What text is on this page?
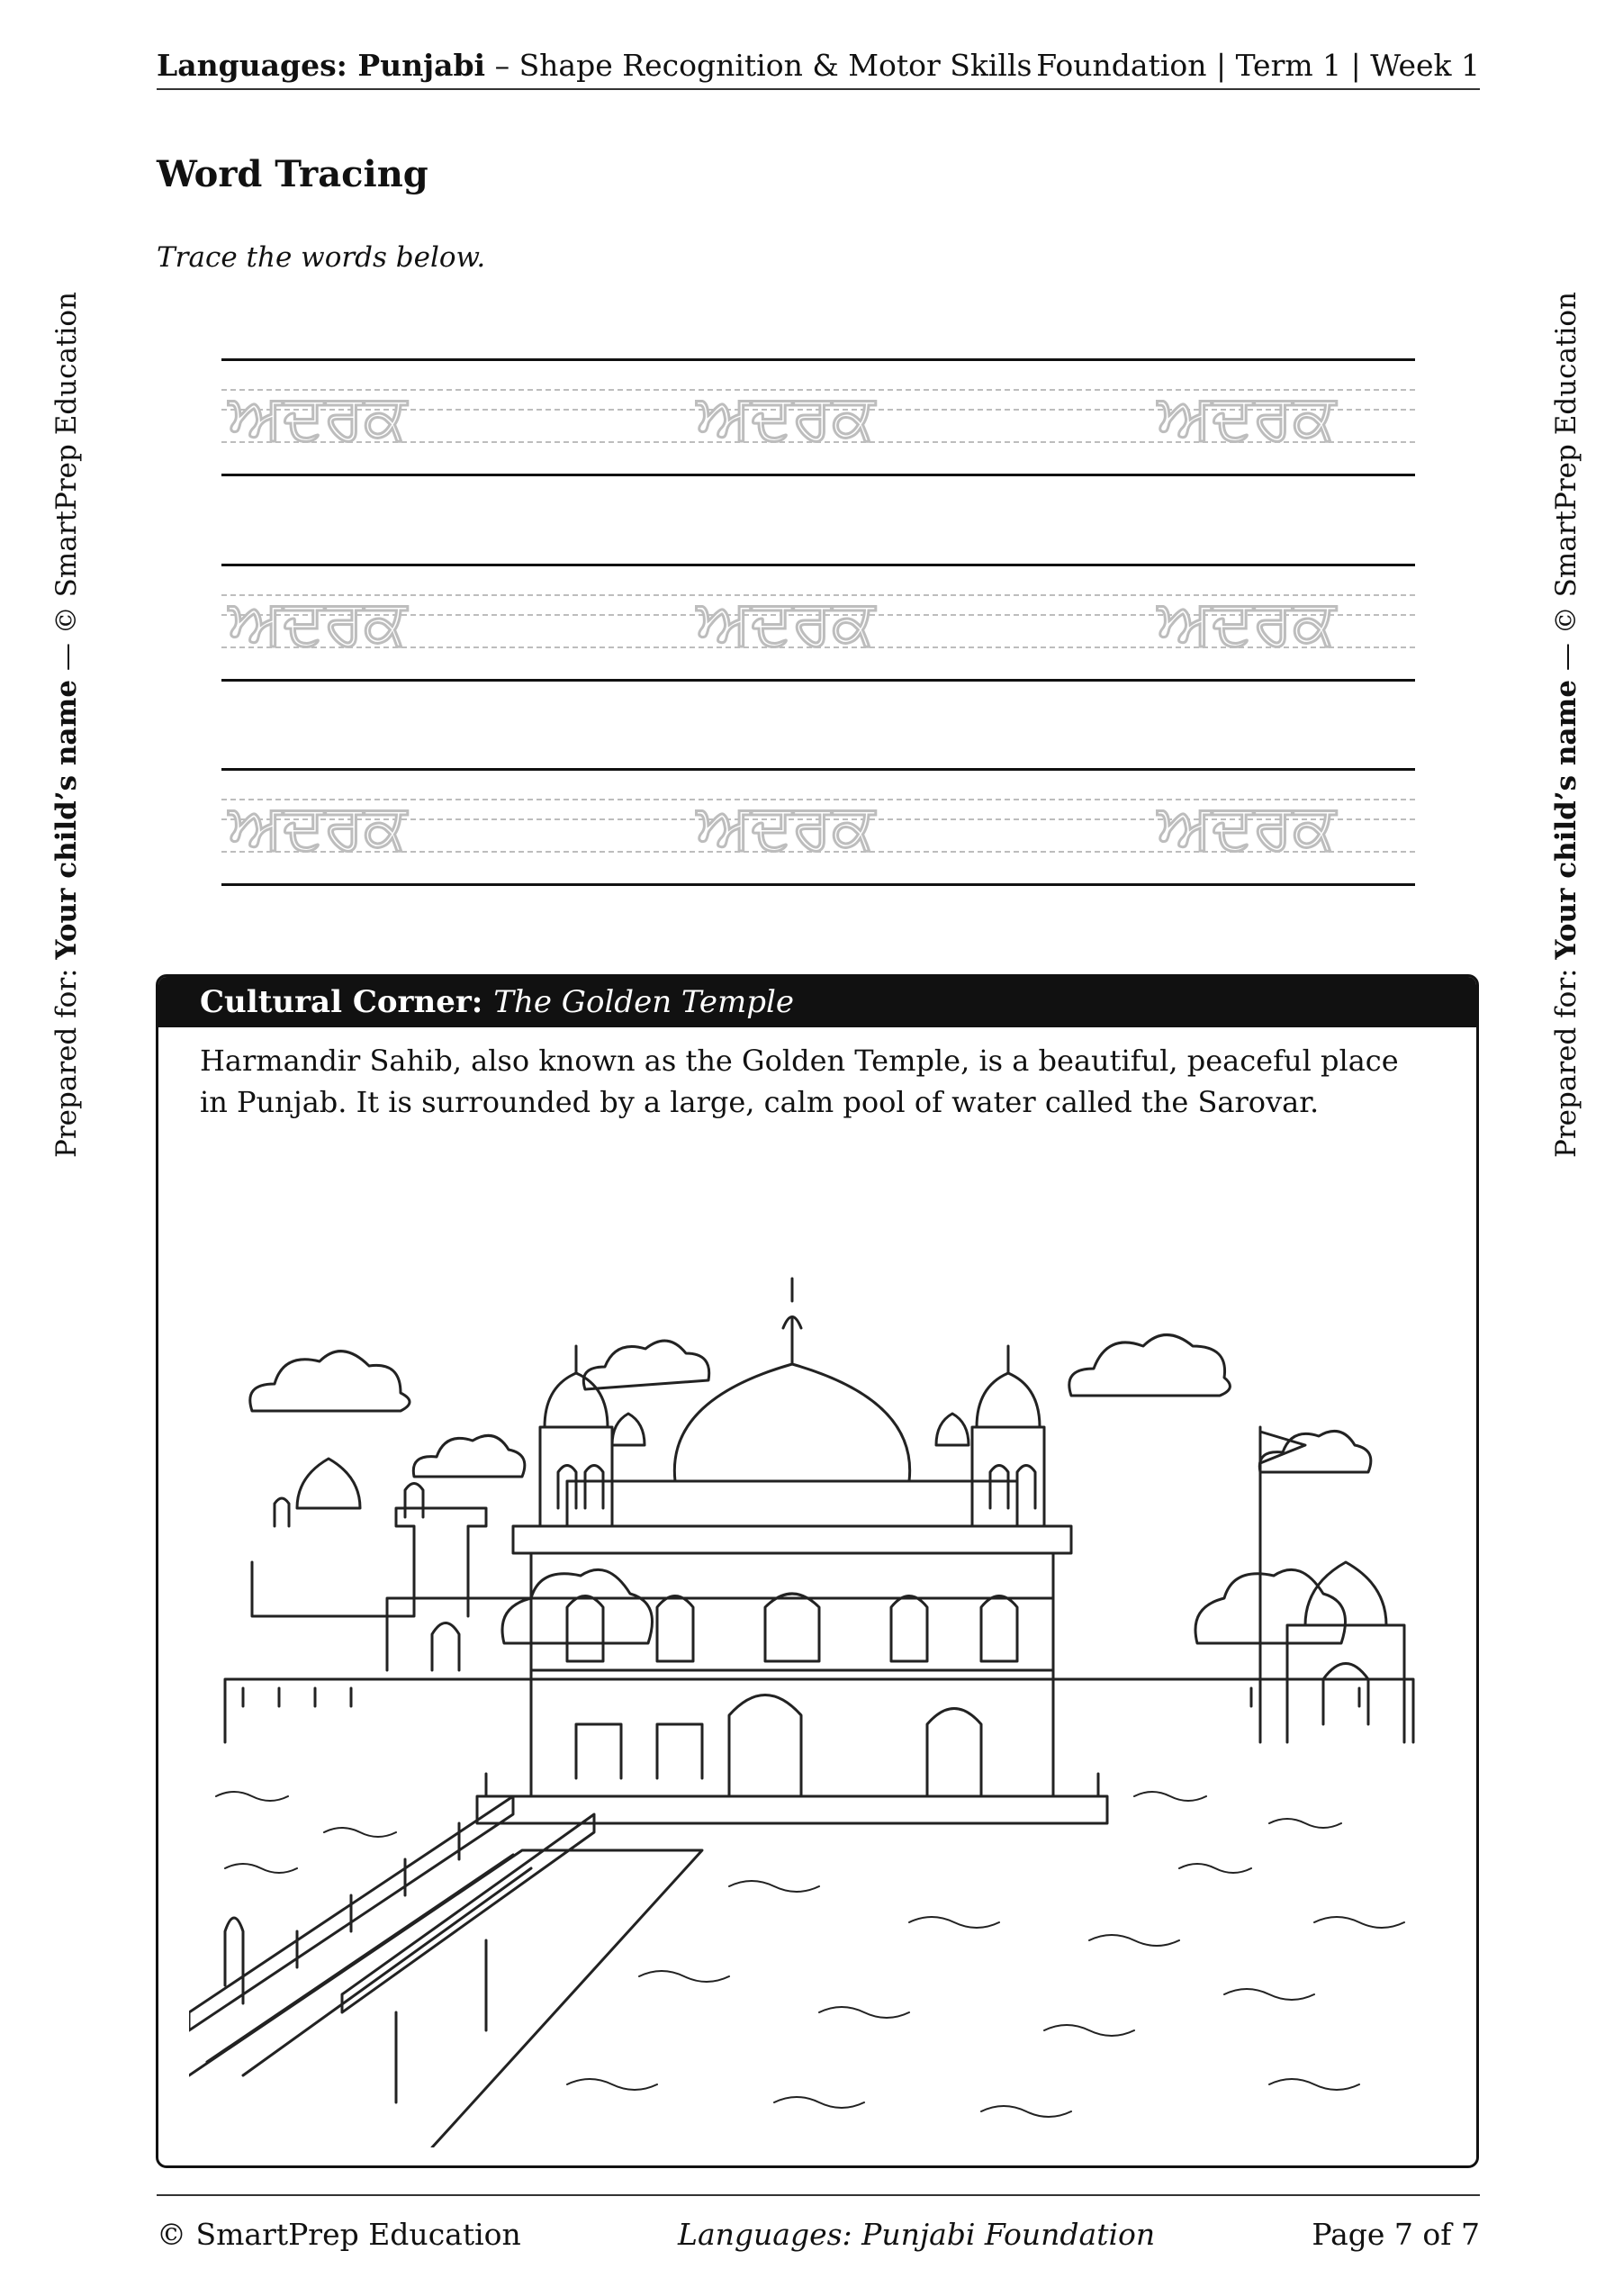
Languages: Punjabi – Shape Recognition & Motor Skills Foundation | Term 1 | Week 1
Word Tracing
Trace the words below.
ਅਦਰਕ	ਅਦਰਕ	ਅਦਰਕ
ਅਦਰਕ	ਅਦਰਕ	ਅਦਰਕ
ਅਦਰਕ	ਅਦਰਕ	ਅਦਰਕ
Prepared for: Your child’s name — © SmartPrep Education
Prepared for: Your child’s name — © SmartPrep Education
Cultural Corner: The Golden Temple
Harmandir Sahib, also known as the Golden Temple, is a beautiful, peaceful place in Punjab. It is surrounded by a large, calm pool of water called the Sarovar.
© SmartPrep Education	Languages: Punjabi Foundation	Page 7 of 7
